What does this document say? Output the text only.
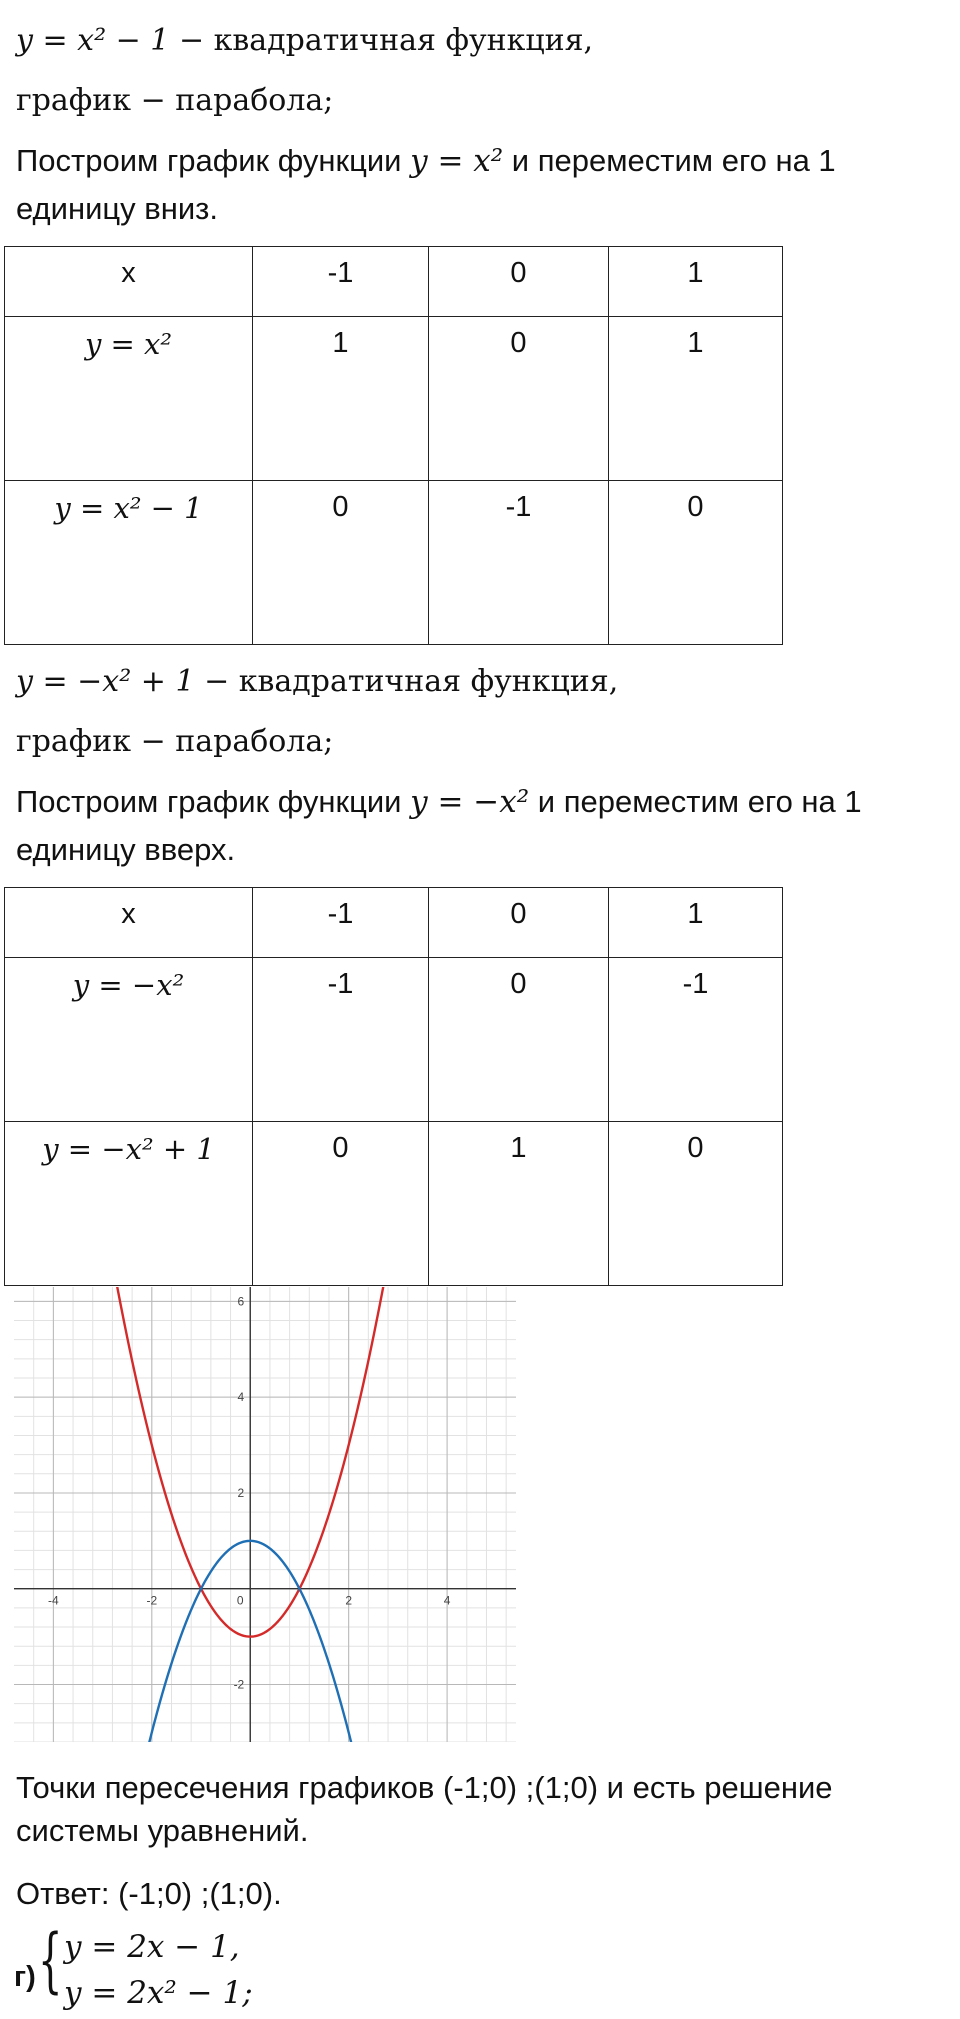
y = x² − 1 − квадратичная функция,
график − парабола;
Построим график функции y = x² и переместим его на 1
единицу вниз.
x	-1	0	1
y = x²	1	0	1
y = x² − 1	0	-1	0
y = −x² + 1 − квадратичная функция,
график − парабола;
Построим график функции y = −x² и переместим его на 1
единицу вверх.
x	-1	0	1
y = −x²	-1	0	-1
y = −x² + 1	0	1	0
-4	-2	0	2	4
6
4
2
-2
Точки пересечения графиков (-1;0) ;(1;0) и есть решение
системы уравнений.
Ответ: (-1;0) ;(1;0).
г) { y = 2x − 1,
y = 2x² − 1;
